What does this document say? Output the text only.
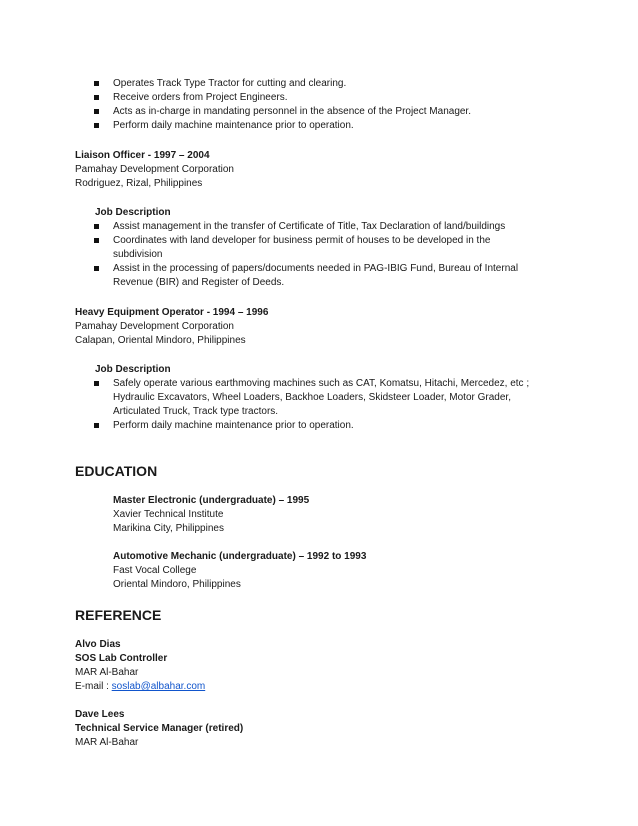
Operates Track Type Tractor for cutting and clearing.
Receive orders from Project Engineers.
Acts as in-charge in mandating personnel in the absence of the Project Manager.
Perform daily machine maintenance prior to operation.
Liaison Officer - 1997 – 2004
Pamahay Development Corporation
Rodriguez, Rizal, Philippines
Job Description
Assist management in the transfer of Certificate of Title, Tax Declaration of land/buildings
Coordinates with land developer for business permit of houses to be developed in the
subdivision
Assist in the processing of papers/documents needed in PAG-IBIG Fund, Bureau of Internal
Revenue (BIR) and Register of Deeds.
Heavy Equipment Operator - 1994 – 1996
Pamahay Development Corporation
Calapan, Oriental Mindoro, Philippines
Job Description
Safely operate various earthmoving machines such as CAT, Komatsu, Hitachi, Mercedez, etc ;
Hydraulic Excavators, Wheel Loaders, Backhoe Loaders, Skidsteer Loader, Motor Grader,
Articulated Truck, Track type tractors.
Perform daily machine maintenance prior to operation.
EDUCATION
Master Electronic (undergraduate) – 1995
Xavier Technical Institute
Marikina City, Philippines
Automotive Mechanic (undergraduate) – 1992 to 1993
Fast Vocal College
Oriental Mindoro, Philippines
REFERENCE
Alvo Dias
SOS Lab Controller
MAR Al-Bahar
E-mail : soslab@albahar.com
Dave Lees
Technical Service Manager (retired)
MAR Al-Bahar
